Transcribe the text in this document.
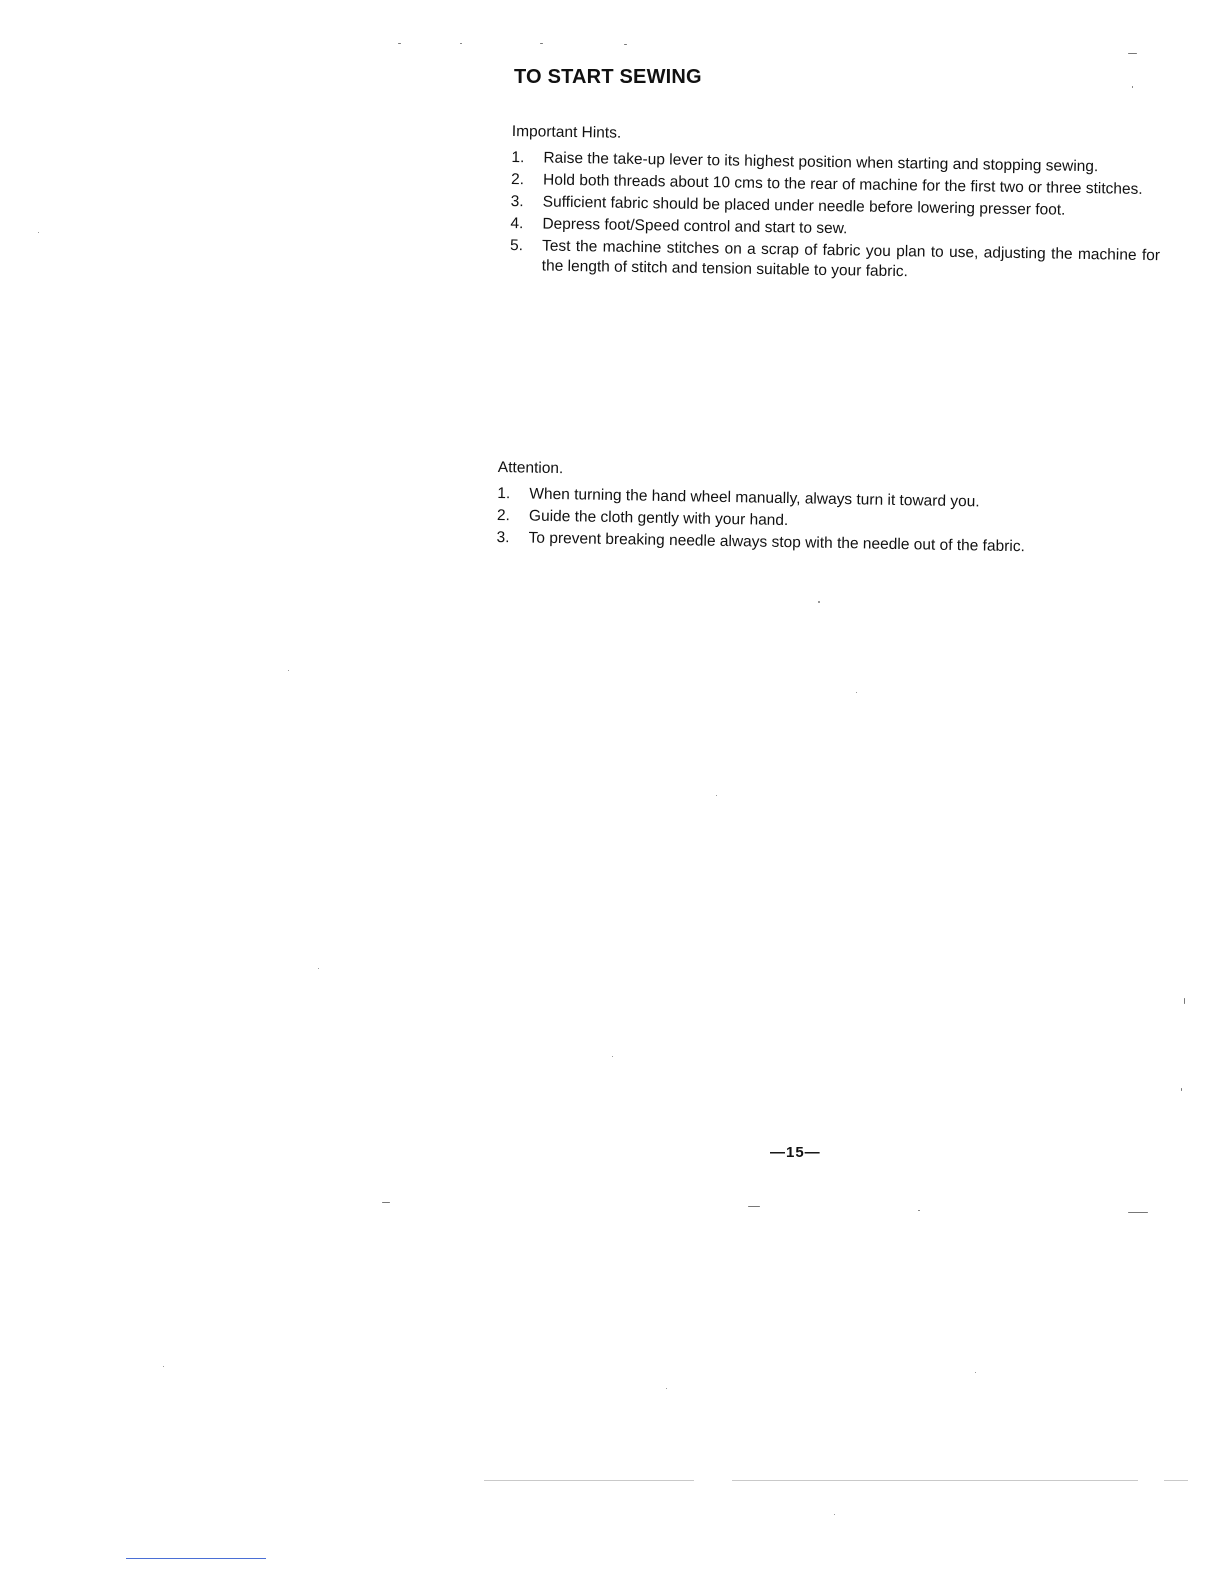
TO START SEWING

Important Hints.

1.	Raise the take-up lever to its highest position when starting and stopping sewing.
2.	Hold both threads about 10 cms to the rear of machine for the first two or three stitches.
3.	Sufficient fabric should be placed under needle before lowering presser foot.
4.	Depress foot/Speed control and start to sew.
5.	Test the machine stitches on a scrap of fabric you plan to use, adjusting the machine for the length of stitch and tension suitable to your fabric.

Attention.

1.	When turning the hand wheel manually, always turn it toward you.
2.	Guide the cloth gently with your hand.
3.	To prevent breaking needle always stop with the needle out of the fabric.
—15—
